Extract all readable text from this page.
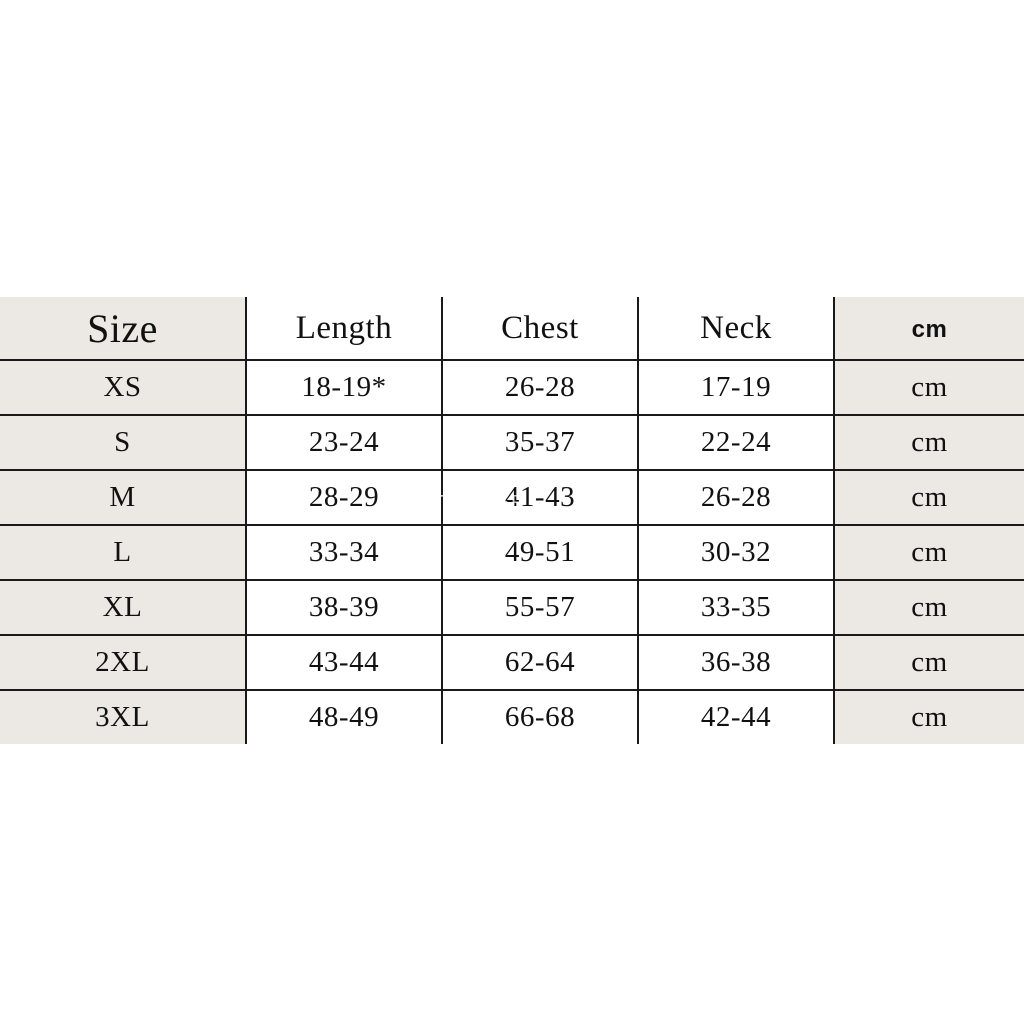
Size	Length	Chest	Neck	cm
XS	18-19*	26-28	17-19	cm
S	23-24	35-37	22-24	cm
M	28-29	41-43	26-28	cm
L	33-34	49-51	30-32	cm
XL	38-39	55-57	33-35	cm
2XL	43-44	62-64	36-38	cm
3XL	48-49	66-68	42-44	cm
ITTAVER
